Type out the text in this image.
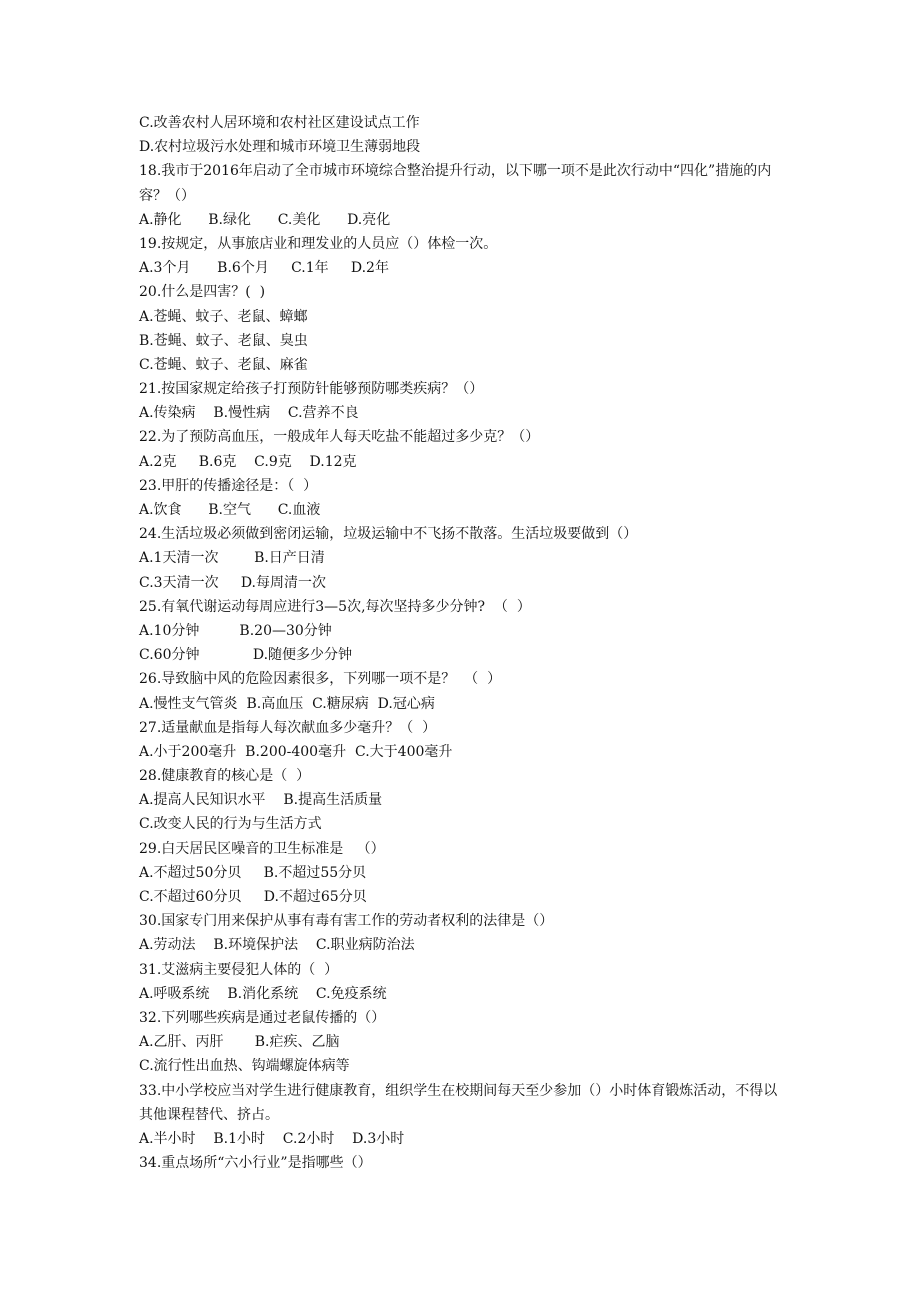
C.改善农村人居环境和农村社区建设试点工作
D.农村垃圾污水处理和城市环境卫生薄弱地段
18.我市于2016年启动了全市城市环境综合整治提升行动，以下哪一项不是此次行动中“四化”措施的内容？（）
A.静化      B.绿化      C.美化      D.亮化
19.按规定，从事旅店业和理发业的人员应（）体检一次。
A.3个月      B.6个月     C.1年     D.2年
20.什么是四害？(  )
A.苍蝇、蚊子、老鼠、蟑螂
B.苍蝇、蚊子、老鼠、臭虫
C.苍蝇、蚊子、老鼠、麻雀
21.按国家规定给孩子打预防针能够预防哪类疾病？（）
A.传染病    B.慢性病    C.营养不良
22.为了预防高血压，一般成年人每天吃盐不能超过多少克？（）
A.2克     B.6克    C.9克    D.12克
23.甲肝的传播途径是：（  ）
A.饮食      B.空气      C.血液
24.生活垃圾必须做到密闭运输，垃圾运输中不飞扬不散落。生活垃圾要做到（）
A.1天清一次        B.日产日清
C.3天清一次     D.每周清一次
25.有氧代谢运动每周应进行3—5次,每次坚持多少分钟?  （  ）
A.10分钟         B.20—30分钟
C.60分钟            D.随便多少分钟
26.导致脑中风的危险因素很多，下列哪一项不是？  （  ）
A.慢性支气管炎  B.高血压  C.糖尿病  D.冠心病
27.适量献血是指每人每次献血多少毫升？（  ）
A.小于200毫升  B.200-400毫升  C.大于400毫升
28.健康教育的核心是（  ）
A.提高人民知识水平    B.提高生活质量
C.改变人民的行为与生活方式
29.白天居民区噪音的卫生标准是   （）
A.不超过50分贝     B.不超过55分贝
C.不超过60分贝     D.不超过65分贝
30.国家专门用来保护从事有毒有害工作的劳动者权利的法律是（）
A.劳动法    B.环境保护法    C.职业病防治法
31.艾滋病主要侵犯人体的（  ）
A.呼吸系统    B.消化系统    C.免疫系统
32.下列哪些疾病是通过老鼠传播的（）
A.乙肝、丙肝       B.疟疾、乙脑
C.流行性出血热、钩端螺旋体病等
33.中小学校应当对学生进行健康教育，组织学生在校期间每天至少参加（）小时体育锻炼活动，不得以其他课程替代、挤占。
A.半小时    B.1小时    C.2小时    D.3小时
34.重点场所“六小行业”是指哪些（）
